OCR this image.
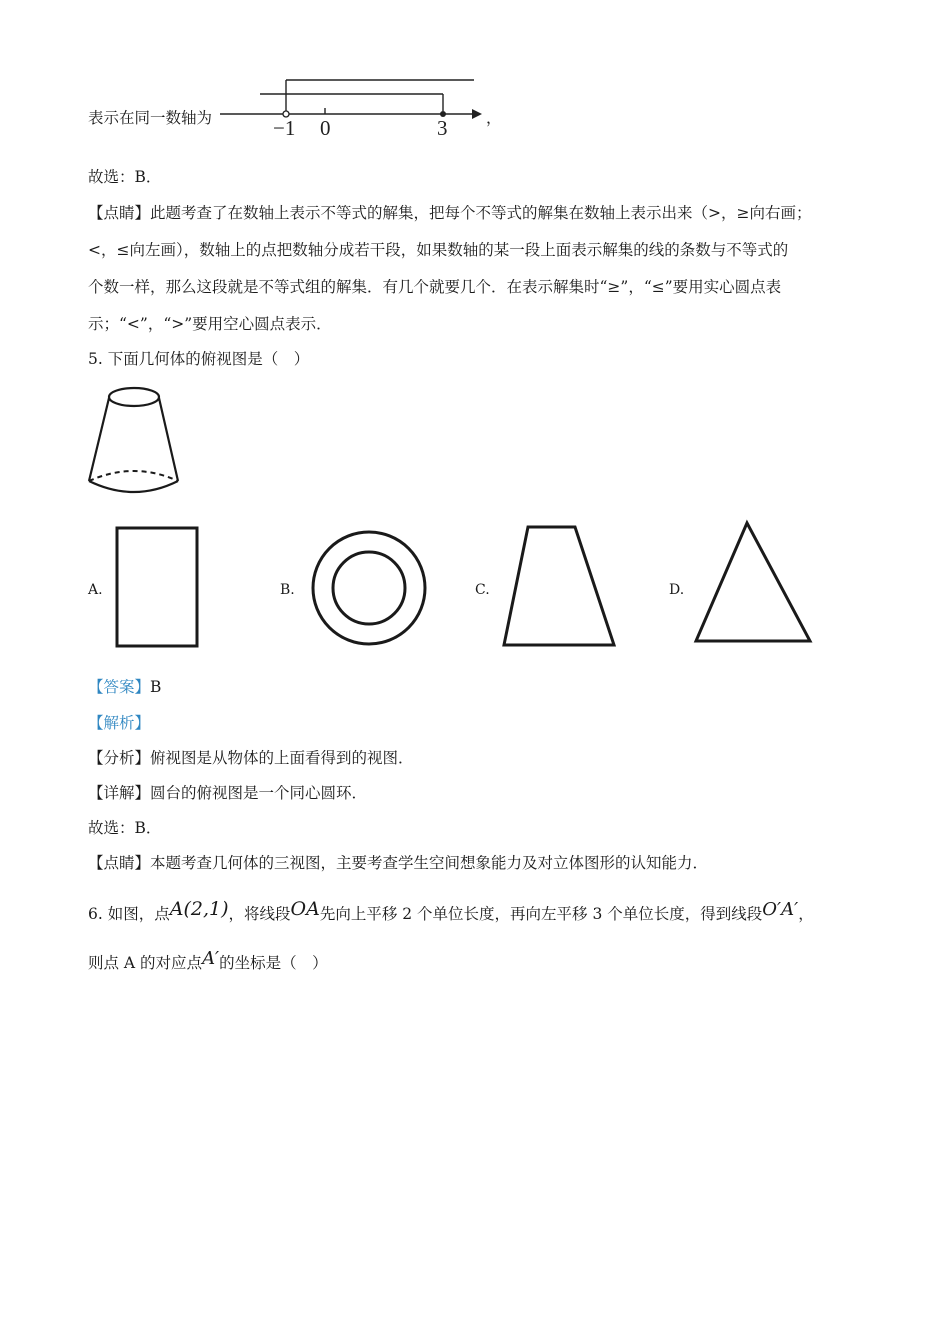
表示在同一数轴为	−1 0	3 ，
故选：B．
【点睛】此题考查了在数轴上表示不等式的解集，把每个不等式的解集在数轴上表示出来（>，≥向右画；
<，≤向左画），数轴上的点把数轴分成若干段，如果数轴的某一段上面表示解集的线的条数与不等式的
个数一样，那么这段就是不等式组的解集．有几个就要几个．在表示解集时“≥”，“≤”要用实心圆点表
示；“<”，“>”要用空心圆点表示．
5. 下面几何体的俯视图是（　）
A.	B.	C.	D.
【答案】B
【解析】
【分析】俯视图是从物体的上面看得到的视图．
【详解】圆台的俯视图是一个同心圆环．
故选：B．
【点睛】本题考查几何体的三视图，主要考查学生空间想象能力及对立体图形的认知能力．
6. 如图，点A(2,1)，将线段OA先向上平移 2 个单位长度，再向左平移 3 个单位长度，得到线段O′A′，
则点 A 的对应点A′的坐标是（　）
